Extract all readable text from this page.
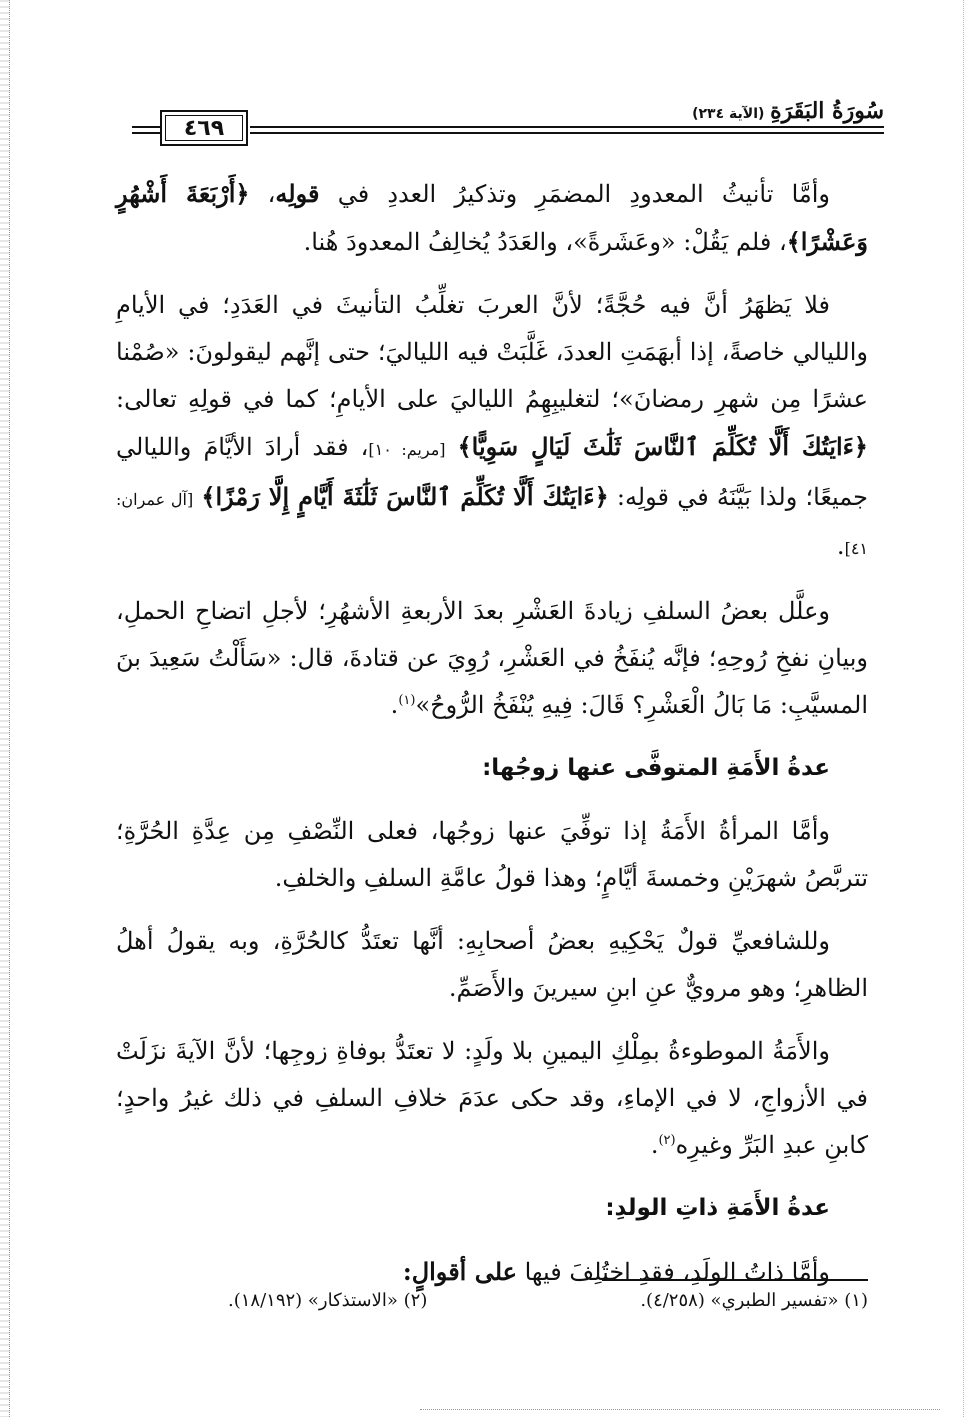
٤٦٩
سُورَةُ البَقَرَةِ (الآية ٢٣٤)

وأمَّا تأنيثُ المعدودِ المضمَرِ وتذكيرُ العددِ في قولِه، ﴿أَرْبَعَةَ أَشْهُرٍ وَعَشْرًا﴾، فلم يَقُلْ: «وعَشَرةً»، والعَدَدُ يُخالِفُ المعدودَ هُنا.

فلا يَظهَرُ أنَّ فيه حُجَّةً؛ لأنَّ العربَ تغلِّبُ التأنيثَ في العَدَدِ؛ في الأيامِ والليالي خاصةً، إذا أبهَمَتِ العددَ، غَلَّبَتْ فيه اللياليَ؛ حتى إنَّهم ليقولونَ: «صُمْنا عشرًا مِن شهرِ رمضانَ»؛ لتغليبِهِمُ اللياليَ على الأيامِ؛ كما في قولِهِ تعالى: ﴿ءَايَتُكَ أَلَّا تُكَلِّمَ ٱلنَّاسَ ثَلَٰثَ لَيَالٍ سَوِيًّا﴾ [مريم: ١٠]، فقد أرادَ الأيَّامَ والليالي جميعًا؛ ولذا بَيَّنَهُ في قولِه: ﴿ءَايَتُكَ أَلَّا تُكَلِّمَ ٱلنَّاسَ ثَلَٰثَةَ أَيَّامٍ إِلَّا رَمْزًا﴾ [آل عمران: ٤١].

وعلَّل بعضُ السلفِ زيادةَ العَشْرِ بعدَ الأربعةِ الأشهُرِ؛ لأجلِ اتضاحِ الحملِ، وبيانِ نفخِ رُوحِهِ؛ فإنَّه يُنفَخُ في العَشْرِ، رُوِيَ عن قتادةَ، قال: «سَأَلْتُ سَعِيدَ بنَ المسيَّبِ: مَا بَالُ الْعَشْرِ؟ قَالَ: فِيهِ يُنْفَخُ الرُّوحُ»$^{(١)}$.

عدةُ الأَمَةِ المتوفَّى عنها زوجُها:

وأمَّا المرأةُ الأَمَةُ إذا توفِّيَ عنها زوجُها، فعلى النِّصْفِ مِن عِدَّةِ الحُرَّةِ؛ تتربَّصُ شهرَيْنِ وخمسةَ أيَّامٍ؛ وهذا قولُ عامَّةِ السلفِ والخلفِ.

وللشافعيِّ قولٌ يَحْكِيهِ بعضُ أصحابِهِ: أنَّها تعتَدُّ كالحُرَّةِ، وبه يقولُ أهلُ الظاهرِ؛ وهو مرويٌّ عنِ ابنِ سيرينَ والأَصَمِّ.

والأَمَةُ الموطوءةُ بمِلْكِ اليمينِ بلا ولَدٍ: لا تعتَدُّ بوفاةِ زوجِها؛ لأنَّ الآيةَ نزَلَتْ في الأزواجِ، لا في الإماءِ، وقد حكى عدَمَ خلافِ السلفِ في ذلك غيرُ واحدٍ؛ كابنِ عبدِ البَرِّ وغيرِه$^{(٢)}$.

عدةُ الأَمَةِ ذاتِ الولدِ:

وأمَّا ذاتُ الولَدِ، فقدِ اختُلِفَ فيها على أقوالٍ:

(١) «تفسير الطبري» (٤/٢٥٨).
(٢) «الاستذكار» (١٨/١٩٢).
